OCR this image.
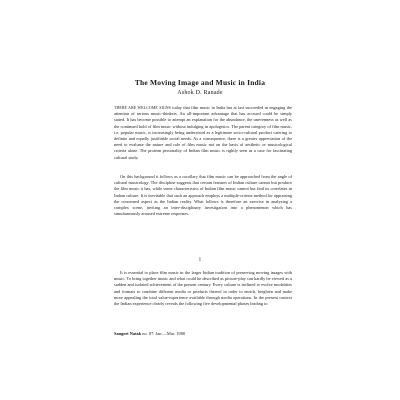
The Moving Image and Music in India
Ashok D. Ranade

THERE ARE WELCOME SIGNS today that film music in India has at last succeeded in engaging the attention of serious music-thinkers. An all-important advantage that has accrued could be simply stated. It has become possible to attempt an explanation for the abundance, the unevenness as well as the continued hold of film music without indulging in apologetics. The parent category of film music, i.e. popular music, is increasingly being understood as a legitimate socio-cultural product catering to definite and equally justifiable social needs. As a consequence, there is a greater appreciation of the need to evaluate the nature and role of film music not on the basis of aesthetic or musicological criteria alone. The protean personality of Indian film music is rightly seen as a case for fascinating cultural study.

On this background it follows as a corollary that film music can be approached from the angle of cultural musicology. The discipline suggests that certain features of Indian culture cannot but produce the film music it has, while some characteristics of Indian film music cannot but find its correlates in Indian culture. It is inevitable that such an approach employs a multiple-criteria method for appraising the concerned aspect as the Indian reality. What follows is therefore an exercise in analyzing a complex scene, inviting an inter-disciplinary investigation into a phenomenon which has simultaneously aroused extreme responses.

I

It is essential to place film music in the larger Indian tradition of preserving moving images with music. To bring together music and what could be described as picture-play can hardly be viewed as a sudden and isolated achievement of the present century. Every culture is inclined to evolve modalities and formats to combine different media or products thereof in order to enrich, heighten and make more appealing the total value-experience available through media operations. In the present context the Indian experience clearly reveals the following five developmental phases leading to

Sangeet Natak no. 87: Jan.—Mar. 1988
